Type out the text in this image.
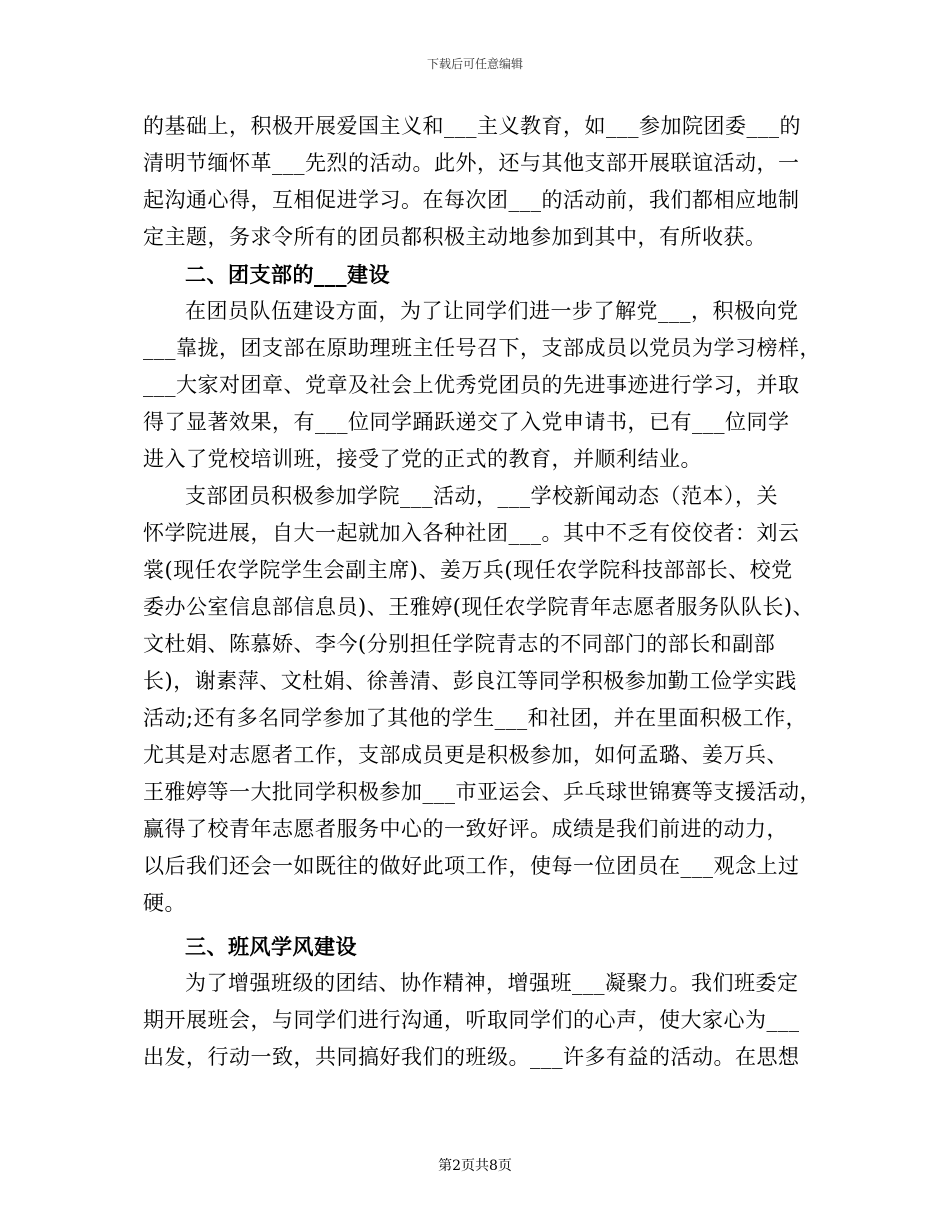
下载后可任意编辑
的基础上，积极开展爱国主义和___主义教育，如___参加院团委___的
清明节缅怀革___先烈的活动。此外，还与其他支部开展联谊活动，一
起沟通心得，互相促进学习。在每次团___的活动前，我们都相应地制
定主题，务求令所有的团员都积极主动地参加到其中，有所收获。
二、团支部的___建设
在团员队伍建设方面，为了让同学们进一步了解党___，积极向党
___靠拢，团支部在原助理班主任号召下，支部成员以党员为学习榜样，
___大家对团章、党章及社会上优秀党团员的先进事迹进行学习，并取
得了显著效果，有___位同学踊跃递交了入党申请书，已有___位同学
进入了党校培训班，接受了党的正式的教育，并顺利结业。
支部团员积极参加学院___活动，___学校新闻动态（范本），关
怀学院进展，自大一起就加入各种社团___。其中不乏有佼佼者：刘云
裳(现任农学院学生会副主席)、姜万兵(现任农学院科技部部长、校党
委办公室信息部信息员)、王雅婷(现任农学院青年志愿者服务队队长)、
文杜娟、陈慕娇、李今(分别担任学院青志的不同部门的部长和副部
长)，谢素萍、文杜娟、徐善清、彭良江等同学积极参加勤工俭学实践
活动;还有多名同学参加了其他的学生___和社团，并在里面积极工作，
尤其是对志愿者工作，支部成员更是积极参加，如何孟璐、姜万兵、
王雅婷等一大批同学积极参加___市亚运会、乒乓球世锦赛等支援活动，
赢得了校青年志愿者服务中心的一致好评。成绩是我们前进的动力，
以后我们还会一如既往的做好此项工作，使每一位团员在___观念上过
硬。
三、班风学风建设
为了增强班级的团结、协作精神，增强班___凝聚力。我们班委定
期开展班会，与同学们进行沟通，听取同学们的心声，使大家心为___
出发，行动一致，共同搞好我们的班级。___许多有益的活动。在思想
第2页共8页
